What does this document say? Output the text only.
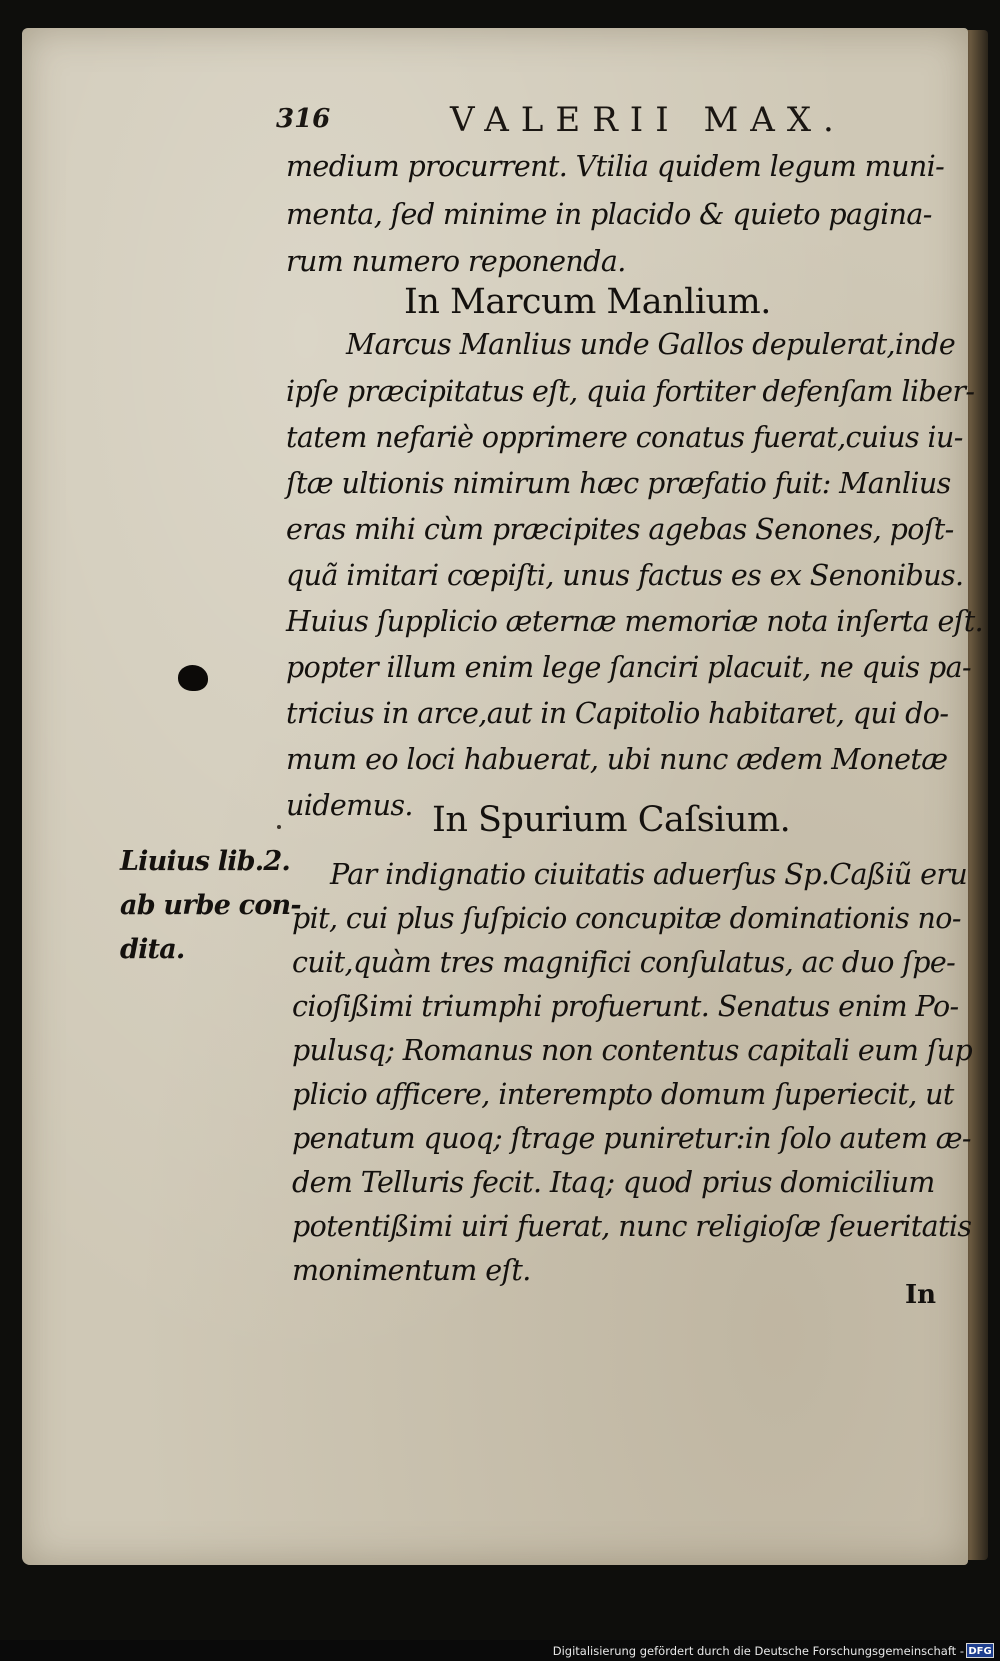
316	VALERII MAX.
medium procurrent. Vtilia quidem legum muni-
menta, ſed minime in placido & quieto pagina-
rum numero reponenda.
In Marcum Manlium.
Marcus Manlius unde Gallos depulerat,inde
ipſe præcipitatus eſt, quia fortiter defenſam liber-
tatem nefariè opprimere conatus fuerat,cuius iu-
ſtæ ultionis nimirum hæc præfatio fuit: Manlius
eras mihi cùm præcipites agebas Senones, poſt-
quã imitari cœpiſti, unus factus es ex Senonibus.
Huius ſupplicio æternæ memoriæ nota inſerta eſt.
popter illum enim lege ſanciri placuit, ne quis pa-
tricius in arce,aut in Capitolio habitaret, qui do-
mum eo loci habuerat, ubi nunc ædem Monetæ
uidemus. In Spurium Caſsium.
Liuius lib.2.
ab urbe con-
dita.
Par indignatio ciuitatis aduerſus Sp.Caßiũ eru
pit, cui plus ſuſpicio concupitæ dominationis no-
cuit,quàm tres magnifici conſulatus, ac duo ſpe-
cioſißimi triumphi profuerunt. Senatus enim Po-
pulusq; Romanus non contentus capitali eum ſup
plicio afficere, interempto domum ſuperiecit, ut
penatum quoq; ſtrage puniretur:in ſolo autem æ-
dem Telluris fecit. Itaq; quod prius domicilium
potentißimi uiri fuerat, nunc religioſæ ſeueritatis
monimentum eſt.
In
Digitalisierung gefördert durch die Deutsche Forschungsgemeinschaft - DFG
